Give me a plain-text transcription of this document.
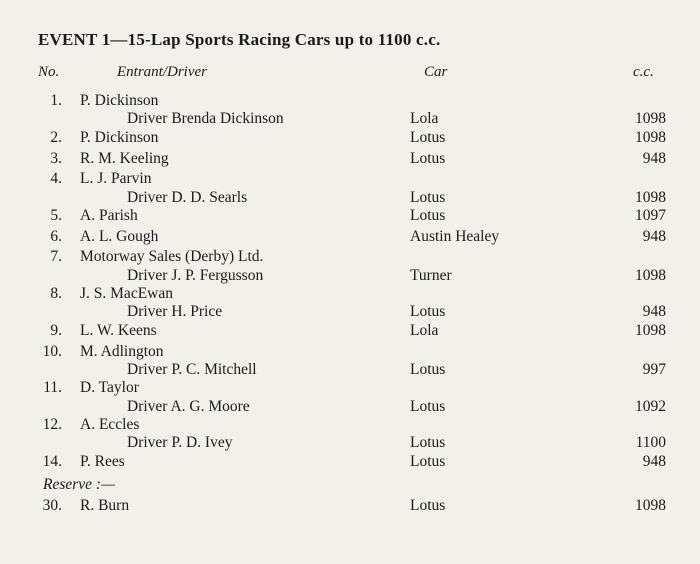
EVENT 1—15-Lap Sports Racing Cars up to 1100 c.c.
No.	Entrant/Driver	Car	c.c.
1. P. Dickinson
Driver Brenda Dickinson	Lola	1098
2. P. Dickinson	Lotus	1098
3. R. M. Keeling	Lotus	948
4. L. J. Parvin
Driver D. D. Searls	Lotus	1098
5. A. Parish	Lotus	1097
6. A. L. Gough	Austin Healey	948
7. Motorway Sales (Derby) Ltd.
Driver J. P. Fergusson	Turner	1098
8. J. S. MacEwan
Driver H. Price	Lotus	948
9. L. W. Keens	Lola	1098
10. M. Adlington
Driver P. C. Mitchell	Lotus	997
11. D. Taylor
Driver A. G. Moore	Lotus	1092
12. A. Eccles
Driver P. D. Ivey	Lotus	1100
14. P. Rees	Lotus	948
Reserve :—
30. R. Burn	Lotus	1098
